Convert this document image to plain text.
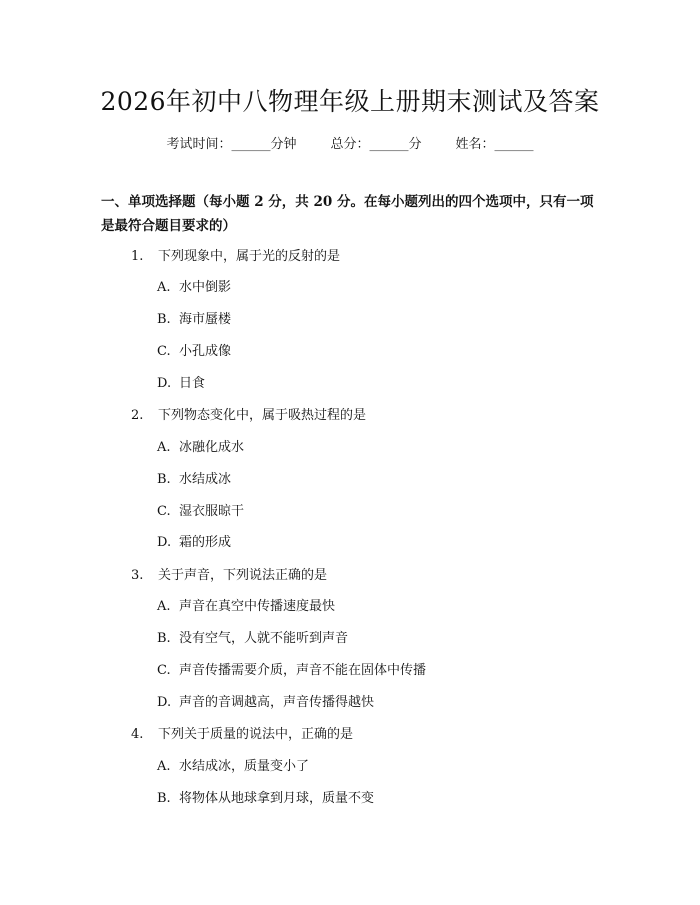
2026年初中八物理年级上册期末测试及答案
考试时间：______分钟	总分：______分	姓名：______

一、单项选择题（每小题 2 分，共 20 分。在每小题列出的四个选项中，只有一项是最符合题目要求的）

1. 下列现象中，属于光的反射的是
A. 水中倒影
B. 海市蜃楼
C. 小孔成像
D. 日食
2. 下列物态变化中，属于吸热过程的是
A. 冰融化成水
B. 水结成冰
C. 湿衣服晾干
D. 霜的形成
3. 关于声音，下列说法正确的是
A. 声音在真空中传播速度最快
B. 没有空气，人就不能听到声音
C. 声音传播需要介质，声音不能在固体中传播
D. 声音的音调越高，声音传播得越快
4. 下列关于质量的说法中，正确的是
A. 水结成冰，质量变小了
B. 将物体从地球拿到月球，质量不变
